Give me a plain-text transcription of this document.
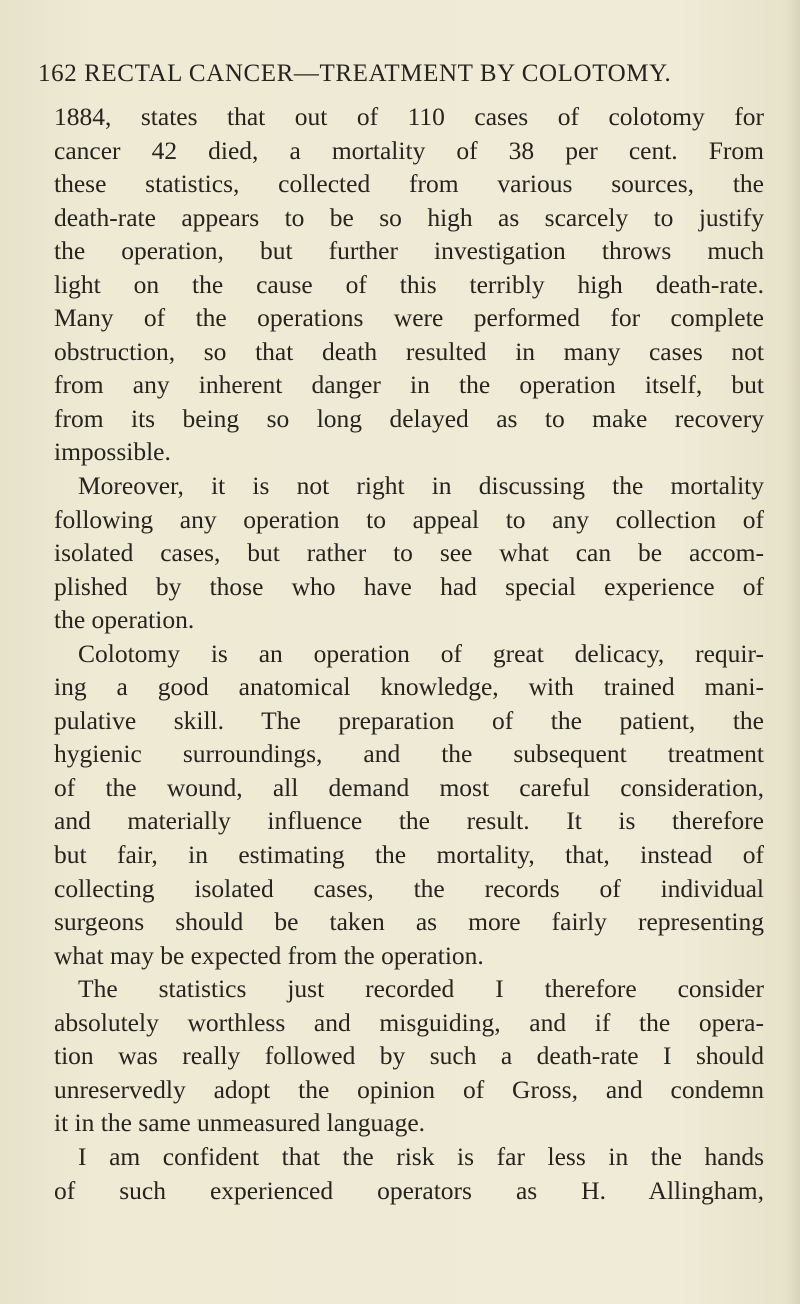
162 RECTAL CANCER—TREATMENT BY COLOTOMY.
1884, states that out of 110 cases of colotomy for
cancer 42 died, a mortality of 38 per cent. From
these statistics, collected from various sources, the
death-rate appears to be so high as scarcely to justify
the operation, but further investigation throws much
light on the cause of this terribly high death-rate.
Many of the operations were performed for complete
obstruction, so that death resulted in many cases not
from any inherent danger in the operation itself, but
from its being so long delayed as to make recovery
impossible.
Moreover, it is not right in discussing the mortality
following any operation to appeal to any collection of
isolated cases, but rather to see what can be accom-
plished by those who have had special experience of
the operation.
Colotomy is an operation of great delicacy, requir-
ing a good anatomical knowledge, with trained mani-
pulative skill. The preparation of the patient, the
hygienic surroundings, and the subsequent treatment
of the wound, all demand most careful consideration,
and materially influence the result. It is therefore
but fair, in estimating the mortality, that, instead of
collecting isolated cases, the records of individual
surgeons should be taken as more fairly representing
what may be expected from the operation.
The statistics just recorded I therefore consider
absolutely worthless and misguiding, and if the opera-
tion was really followed by such a death-rate I should
unreservedly adopt the opinion of Gross, and condemn
it in the same unmeasured language.
I am confident that the risk is far less in the hands
of such experienced operators as H. Allingham,
